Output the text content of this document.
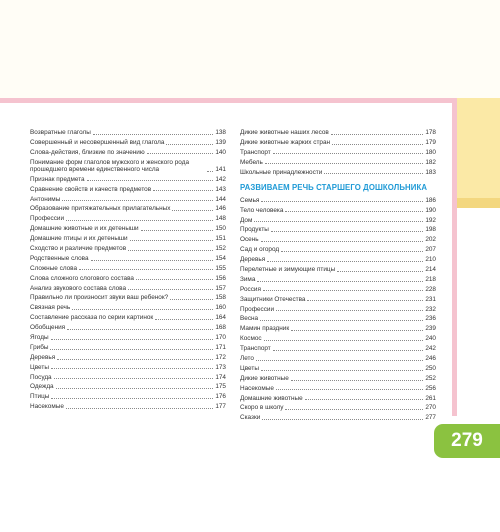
Возвратные глаголы	138
Совершенный и несовершенный вид глагола	139
Слова-действия, близкие по значению	140
Понимание форм глаголов мужского и женского рода прошедшего времени единственного числа	141
Признак предмета	142
Сравнение свойств и качеств предметов	143
Антонимы	144
Образование притяжательных прилагательных	146
Профессии	148
Домашние животные и их детеныши	150
Домашние птицы и их детеныши	151
Сходство и различие предметов	152
Родственные слова	154
Сложные слова	155
Слова сложного слогового состава	156
Анализ звукового состава слова	157
Правильно ли произносит звуки ваш ребенок?	158
Связная речь	160
Составление рассказа по серии картинок	164
Обобщения	168
Ягоды	170
Грибы	171
Деревья	172
Цветы	173
Посуда	174
Одежда	175
Птицы	176
Насекомые	177
Дикие животные наших лесов	178
Дикие животные жарких стран	179
Транспорт	180
Мебель	182
Школьные принадлежности	183
РАЗВИВАЕМ РЕЧЬ СТАРШЕГО ДОШКОЛЬНИКА
Семья	186
Тело человека	190
Дом	192
Продукты	198
Осень	202
Сад и огород	207
Деревья	210
Перелетные и зимующие птицы	214
Зима	218
Россия	228
Защитники Отечества	231
Профессии	232
Весна	236
Мамин праздник	239
Космос	240
Транспорт	242
Лето	246
Цветы	250
Дикие животные	252
Насекомые	256
Домашние животные	261
Скоро в школу	270
Сказки	277
279
